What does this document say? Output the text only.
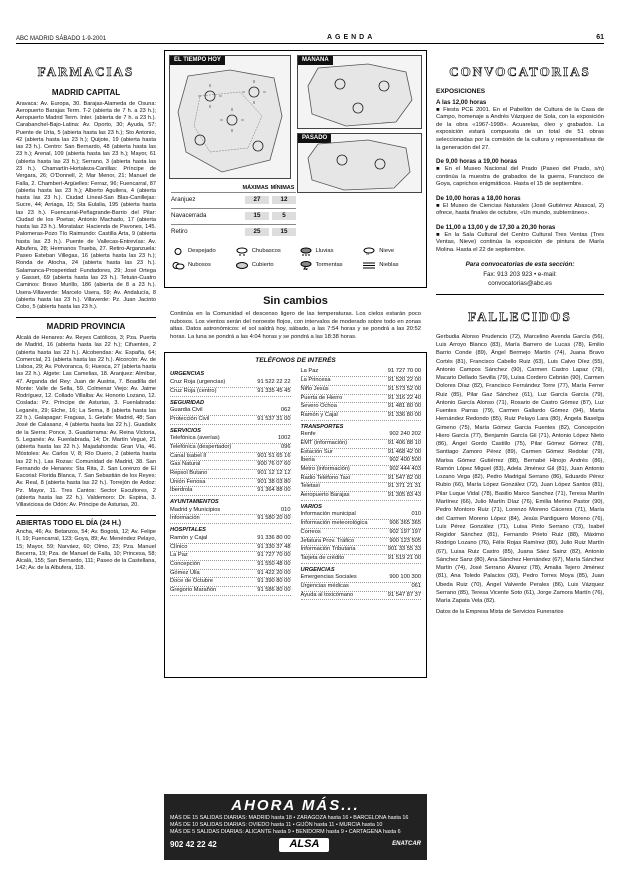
ABC MADRID SÁBADO 1-9-2001	AGENDA	61
FARMACIAS
MADRID CAPITAL
Aravaca: Av. Europa, 30. Barajas-Alameda de Osuna: Aeropuerto Barajas Term. T-2 (abierta de 7 h. a 23 h.); Aeropuerto Madrid Term. Inter. (abierta de 7 h. a 23 h.). Carabanchel-Bajo-Latina: Av. Oporto, 30; Ayuda, 57; Puente de Uría, 5 (abierta hasta las 23 h.); Sto Antonio, 42 (abierta hasta las 23 h.); Quijote, 19 (abierta hasta las 23 h.). Centro: San Bernardo, 48 (abierta hasta las 23 h.); Arenal, 109 (abierta hasta las 23 h.); Mayor, 61 (abierta hasta las 23 h.); Serrano, 3 (abierta hasta las 23 h.). Chamartín-Hortaleza-Canillas: Príncipe de Vergara, 26; O'Donnell, 2; Mar Menor, 21; Manuel de Falla, 2. Chamberí-Argüelles: Ferraz, 96; Fuencarral, 87 (abierta hasta las 23 h.); Alberto Aguilera, 4 (abierta hasta las 23 h.). Ciudad Lineal-San Blas-Canillejas: Sucre, 44; Arriaga, 15; Sta Eulalia, 195 (abierta hasta las 23 h.). Fuencarral-Peñagrande-Barrio del Pilar: Ciudad de los Poetas; Antonio Machado, 17 (abierta hasta las 23 h.). Moratalaz: Hacienda de Pavones, 145. Palomeras-Pozo Tío Raimundo: Castilla Arta, 9 (abierta hasta las 23 h.). Puente de Vallecas-Entrevías: Av. Albufera, 28; Hermanos Trueba, 27. Retiro-Arganzuela: Paseo Esteban Villegas, 16 (abierta hasta las 23 h.); Ronda de Atocha, 24 (abierta hasta las 23 h.). Salamanca-Prosperidad: Fundadores, 29; José Ortega y Gasset, 69 (abierta hasta las 23 h.). Tetuán-Cuatro Caminos: Bravo Murillo, 186 (abierta de 8 a 23 h.). Usera-Villaverde: Marcelo Usera, 59; Av. Andalucía, 8 (abierta hasta las 23 h.). Villaverde: Pz. Juan Jacinto Cobo, 5 (abierta hasta las 23 h.).
MADRID PROVINCIA
Alcalá de Henares: Av. Reyes Católicos, 3; Pza. Puerta de Madrid, 16 (abierta hasta las 22 h.); Cifuentes, 2 (abierta hasta las 22 h.). Alcobendas: Av. España, 64; Comercial, 21 (abierta hasta las 22 h.). Alcorcón: Av. de Lisboa, 29; Av. Polvoranca, 6; Huesca, 27 (abierta hasta las 22 h.). Algete: Las Camelias, 18. Aranjuez: Almíbar, 47. Arganda del Rey: Juan de Austria, 7. Boadilla del Monte: Valle de Sella, 59. Colmenar Viejo: Av. Jaime Rodríguez, 12. Collado Villalba: Av. Honorio Lozano, 12. Coslada: Pz. Príncipe de Asturias, 3. Fuenlabrada: Leganés, 29; Elche, 16; La Serna, 8 (abierta hasta las 22 h.). Galapagar: Fraguas, 1. Getafe: Madrid, 48; San José de Calasanz, 4 (abierta hasta las 22 h.). Guadalix de la Sierra: Ponce, 3. Guadarrama: Av. Reina Victoria, 5. Leganés: Av. Fuenlabrada, 14; Dr. Martín Vegué, 21 (abierta hasta las 22 h.). Majadahonda: Gran Vía, 46. Móstoles: Av. Carlos V, 8; Río Duero, 2 (abierta hasta las 22 h.). Las Rozas: Comunidad de Madrid, 38. San Fernando de Henares: Sta Rita, 2. San Lorenzo de El Escorial: Florida Blanca, 7. San Sebastián de los Reyes: Av. Real, 8 (abierta hasta las 22 h.). Torrejón de Ardoz: Pz. Mayor, 11. Tres Cantos: Sector Escultores, 2 (abierta hasta las 22 h.). Valdemoro: Dr. Espina, 3. Villaviciosa de Odón: Av. Principe de Asturias, 20.
ABIERTAS TODO EL DÍA (24 H.)
Ancha, 46; Av. Betanzos, 54; Av. Bogotá, 12; Av. Felipe II, 19; Fuencarral, 123; Goya, 89; Av. Menéndez Pelayo, 15; Mayor, 59; Narváez, 60; Olmo, 23; Pza. Manuel Becerra, 19; Pza. de Manuel de Falla, 10; Princesa, 58; Alcalá, 155; San Bernardo, 111; Paseo de la Castellana, 142; Av. de la Albufera, 118.
EL TIEMPO HOY	MAÑANA
PASADO
MÁXIMAS MÍNIMAS
Aranjuez	27	12
Navacerrada	15	5
Retiro	25	15
Despejado	Chubascos	Lluvias
**
Nieve
Nubosos	Cubierto	Tormentas	Nieblas
Sin cambios
Continúa en la Comunidad el descenso ligero de las temperaturas. Los cielos estarán poco nubosos. Los vientos serán del noroeste flojos, con intervalos de moderado sobre todo en zonas altas. Datos astronómicos: el sol saldrá hoy, sábado, a las 7:54 horas y se pondrá a las 20:52 horas. La luna se pondrá a las 4:04 horas y se pondrá a las 18:38 horas.
TELÉFONOS DE INTERÉS
URGENCIAS
Cruz Roja (urgencias)	91 522 22 22
Cruz Roja (centro)	91 335 45 45
SEGURIDAD
Guardia Civil	062
Protección Civil	91 537 31 00
SERVICIOS
Telefónica (averías)	1002
Telefónica (despertador)	096
Canal Isabel II	901 51 65 16
Gas Natural	900 76 07 60
Repsol Butano	901 12 12 12
Unión Fenosa	901 38 03 80
Iberdrola	91 364 88 00
AYUNTAMIENTOS
Madrid y Municipios	010
Información	91 580 20 00
HOSPITALES
Ramón y Cajal	91 336 80 00
Clínico	91 330 37 48
La Paz	91 727 70 00
Concepción	91 550 48 00
Gómez Ulla	91 422 20 00
Doce de Octubre	91 390 80 00
Gregorio Marañón	91 586 80 00
La Paz	91 727 70 00
La Princesa	91 520 22 00
Niño Jesús	91 573 52 00
Puerta de Hierro	91 316 22 40
Severo Ochoa	91 481 80 00
Ramón y Cajal	91 336 80 00
TRANSPORTES
Renfe	902 240 202
EMT (información)	91 406 88 10
Estación Sur	91 468 42 00
Iberia	902 400 500
Metro (información)	902 444 403
Radio Teléfono Taxi	91 547 82 00
Teletaxi	91 371 21 31
Aeropuerto Barajas	91 305 83 43
VARIOS
Información municipal	010
Información meteorológica	906 365 365
Correos	902 197 197
Jefatura Prov. Tráfico	900 123 505
Información Tributaria	901 33 55 33
Tarjeta de crédito	91 519 21 00
URGENCIAS
Emergencias Sociales	900 100 300
Urgencias médicas	061
Ayuda al toxicómano	91 547 87 37
AHORA MÁS...
MÁS DE 15 SALIDAS DIARIAS: MADRID hasta 18 • ZARAGOZA hasta 16 • BARCELONA hasta 16
MÁS DE 10 SALIDAS DIARIAS: OVIEDO hasta 11 • GIJÓN hasta 11 • MURCIA hasta 10
MÁS DE 5 SALIDAS DIARIAS: ALICANTE hasta 9 • BENIDORM hasta 9 • CARTAGENA hasta 6
902 42 22 42	ALSA	ENATCAR
CONVOCATORIAS
EXPOSICIONES
A las 12,00 horas
■ Fiesta PCE 2001. En el Pabellón de Cultura de la Casa de Campo, homenaje a Andrés Vázquez de Sola, con la exposición de la obra «1967-1998». Acuarelas, óleo y grabados. La exposición estará compuesta de un total de 51 obras seleccionadas por la comisión de la cultura y representativas de la generación del 27.
De 9,00 horas a 19,00 horas
■ En el Museo Nacional del Prado (Paseo del Prado, s/n) continúa la muestra de grabados de la guerra, Francisco de Goya, caprichos enigmáticos. Hasta el 15 de septiembre.
De 10,00 horas a 18,00 horas
■ El Museo de Ciencias Naturales (José Gutiérrez Abascal, 2) ofrece, hasta finales de octubre, «Un mundo, subterráneo».
De 11,00 a 13,00 y de 17,30 a 20,30 horas
■ En la Sala Cultural del Centro Cultural Tres Ventas (Tres Ventas, Nieve) continúa la exposición de pintura de María Molina. Hasta el 22 de septiembre.
Para convocatorias de esta sección:
Fax: 913 203 923 • e-mail:
convocatorias@abc.es
FALLECIDOS
Gerbudia Alonso Prudencio (72), Marcelino Avenda García (56), Luis Arroyo Blanco (83), María Barrero de Lucas (78), Emilio Barrio Conde (89), Ángel Bermejo Martín (74), Juana Bravo Cortés (81), Francisco Cabello Ruiz (63), Luis Calvo Díez (55), Antonio Campos Sánchez (90), Carmen Castro Lapaz (79), Macario Dellado Sevilla (79), Luisa Cordero Cebrián (90), Carmen Dolores Díaz (82), Francisco Fernández Torre (77), María Ferrer Ruiz (85), Pilar Gaz Sánchez (61), Luz García García (79), Antonio García Alonso (71), Rosario de Castro Gómez (87), Luz Fuentes Parras (79), Carmen Gallardo Gómez (94), Marta Hernández Redondo (85), Ruiz Pelayo Lara (80), Ángela Baselga Gimeno (75), María Gómez Garcia Fuentes (82), Concepción Hiero García (77), Benjamín García Gil (71), Antonio López Nieto (86), Ángel Gordo Castillo (75), Pilar Gómez Gómez (78), Santiago Zamoro Pérez (89), Carmen Gómez Redolar (79), Marisa Gómez Gutiérrez (88), Bernabé Hinojo Andrés (86), Ramón López Miguel (83), Adela Jiménez Gil (81), Juan Antonio Lozano Vega (82), Pedro Madrigal Serrano (86), Eduardo Pérez Rubio (66), María López González (72), Juan López Santos (81), Pilar Luque Vidal (78), Basilio Marco Sanchez (71), Teresa Martín Martínez (66), Julio Martín Díaz (76), Emilia Merino Pastor (90), Pedro Montoro Ruiz (71), Lorenzo Moreno Cáceres (71), María del Carmen Moreno López (84), Jesús Pardiguero Moreno (76), Luis Pérez González (71), Luisa Pinto Serrano (73), Isabel Regidor Sánchez (81), Fernando Prieto Ruiz (88), Máximo Rodrigo Lozano (76), Félix Rojas Ramírez (80), Julio Ruiz Martín (67), Luisa Ruiz Castro (85), Juana Sáez Sainz (82), Antonio Sánchez Sanz (80), Ana Sánchez Hernández (67), María Sánchez Martín (74), José Serrano Álvarez (78), Amalia Tejero Jiménez (81), Ana Toledo Palacios (93), Pedro Torres Moya (85), Juan Ubeda Ruiz (70), Ángel Valverde Perales (86), Luis Vázquez Serrano (85), Teresa Vicente Soto (61), Jorge Zamora Martín (76), María Zapata Vela (82).
Datos de la Empresa Mixta de Servicios Funerarios
